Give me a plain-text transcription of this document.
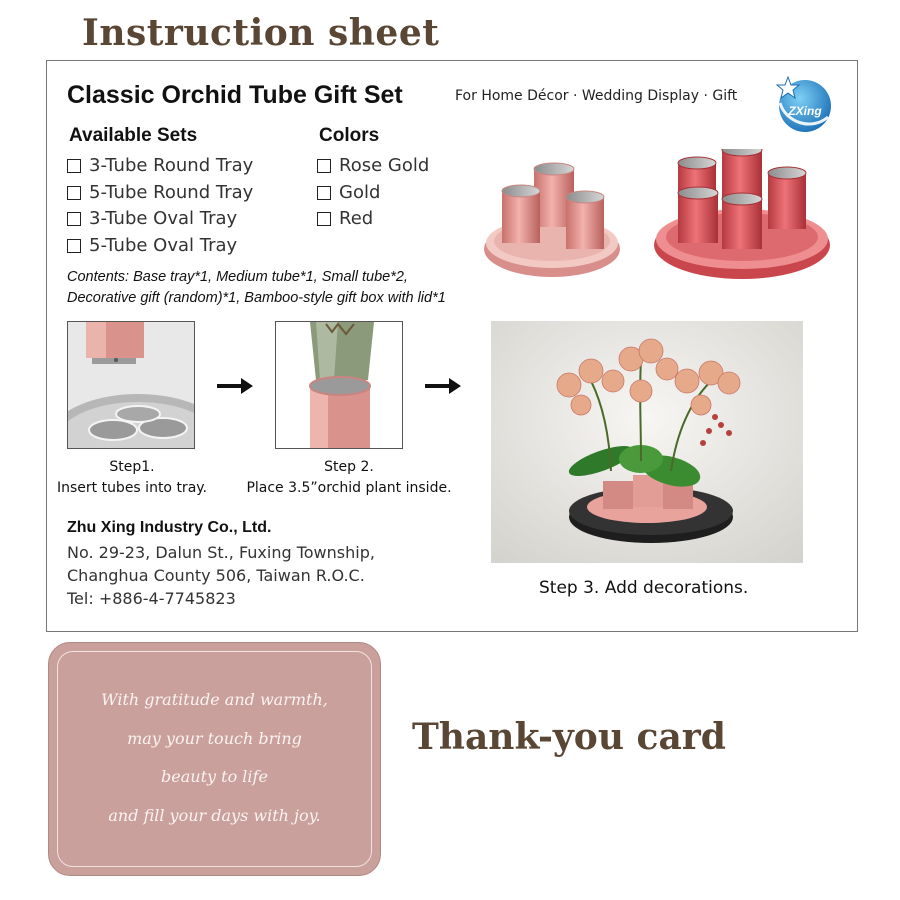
Instruction sheet
Classic Orchid Tube Gift Set	For Home Décor · Wedding Display · Gift
ZXing
Available Sets
3-Tube Round Tray
5-Tube Round Tray
3-Tube Oval Tray
5-Tube Oval Tray
Colors
Rose Gold
Gold
Red
Contents: Base tray*1, Medium tube*1, Small tube*2,
Decorative gift (random)*1, Bamboo-style gift box with lid*1
Step1.
Insert tubes into tray.
Step 2.
Place 3.5”orchid plant inside.
Zhu Xing Industry Co., Ltd.
No. 29-23, Dalun St., Fuxing Township,
Changhua County 506, Taiwan R.O.C.
Tel: +886-4-7745823
Step 3. Add decorations.
With gratitude and warmth,
may your touch bring
beauty to life
and fill your days with joy.
Thank-you card
